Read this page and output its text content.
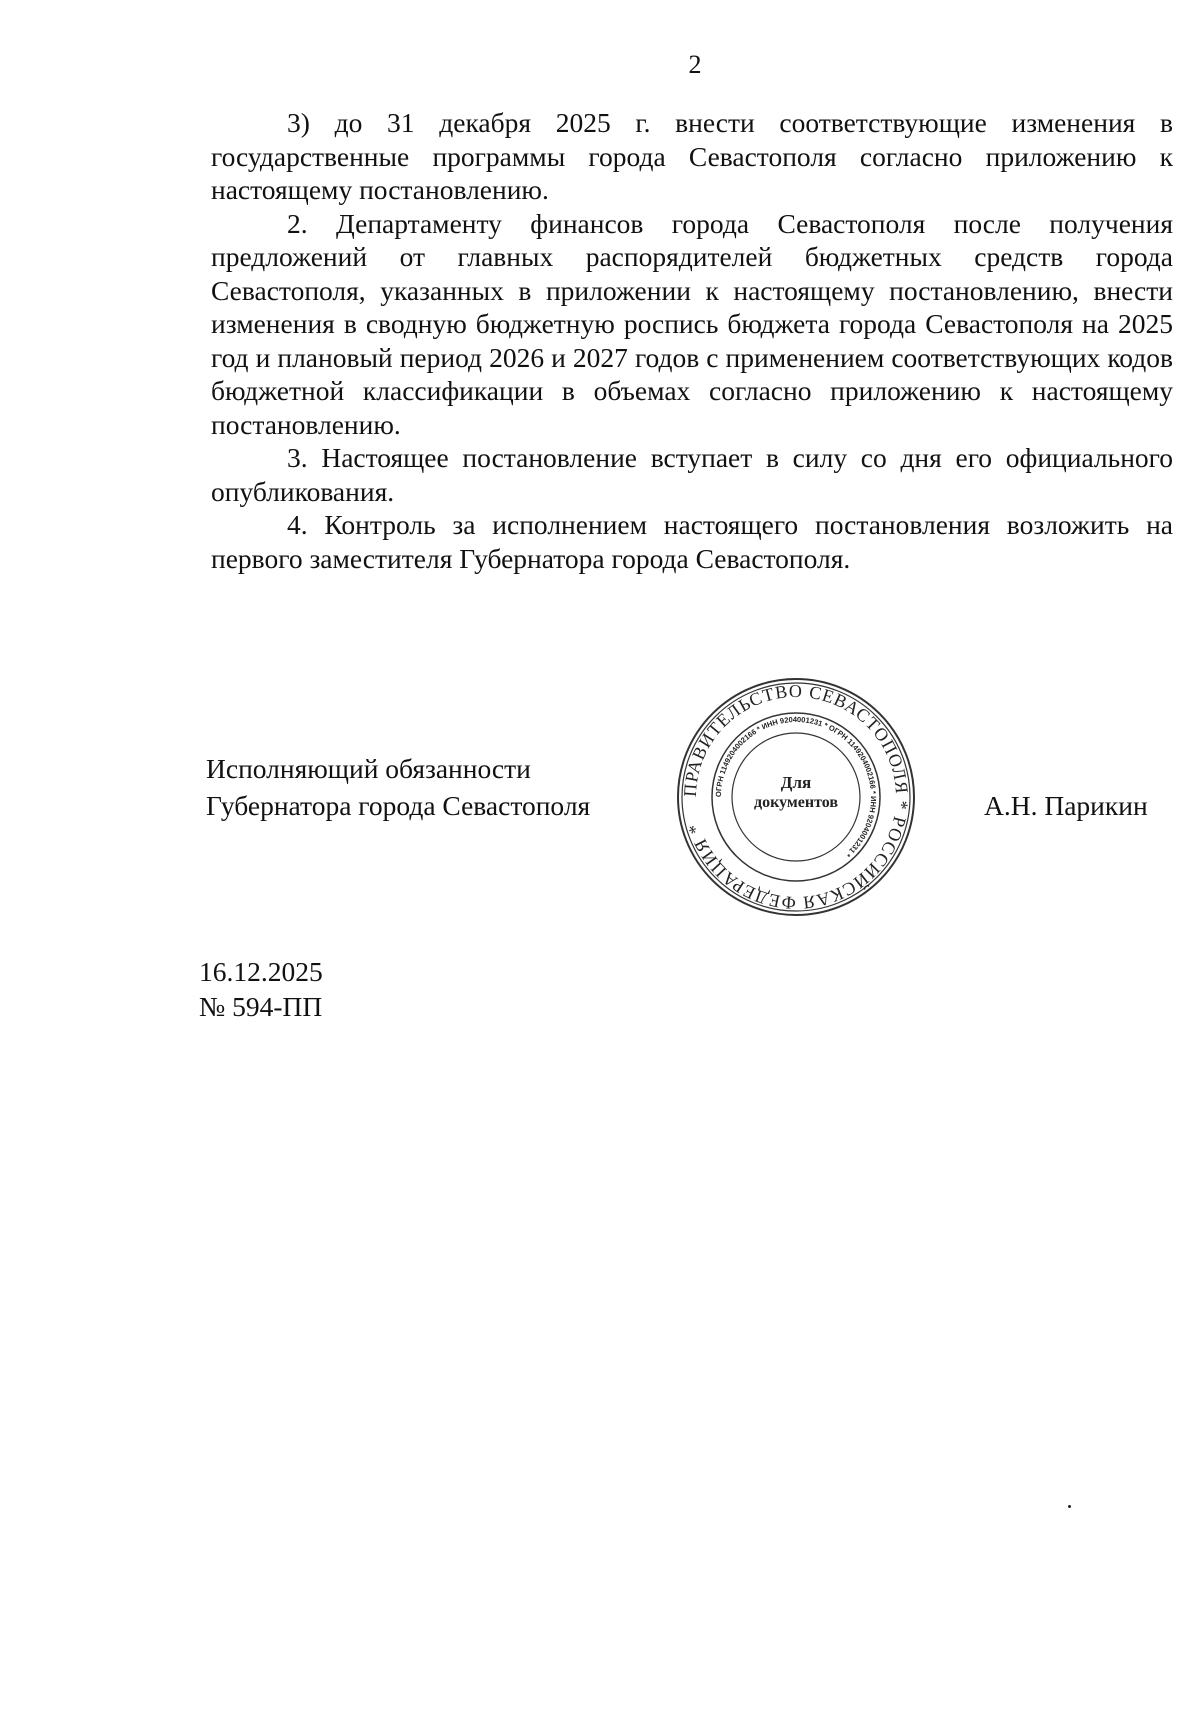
2

3) до 31 декабря 2025 г. внести соответствующие изменения в государственные программы города Севастополя согласно приложению к настоящему постановлению.

2. Департаменту финансов города Севастополя после получения предложений от главных распорядителей бюджетных средств города Севастополя, указанных в приложении к настоящему постановлению, внести изменения в сводную бюджетную роспись бюджета города Севастополя на 2025 год и плановый период 2026 и 2027 годов с применением соответствующих кодов бюджетной классификации в объемах согласно приложению к настоящему постановлению.

3. Настоящее постановление вступает в силу со дня его официального опубликования.

4. Контроль за исполнением настоящего постановления возложить на первого заместителя Губернатора города Севастополя.

Исполняющий обязанности
Губернатора города Севастополя
ПРАВИТЕЛЬСТВО СЕВАСТОПОЛЯ * РОССИЙСКАЯ ФЕДЕРАЦИЯ *
ОГРН 1149204002166 * ИНН 9204001231 * ОГРН 1149204002166 * ИНН 9204001231 *
Для
документов	А.Н. Парикин
16.12.2025
№ 594-ПП
